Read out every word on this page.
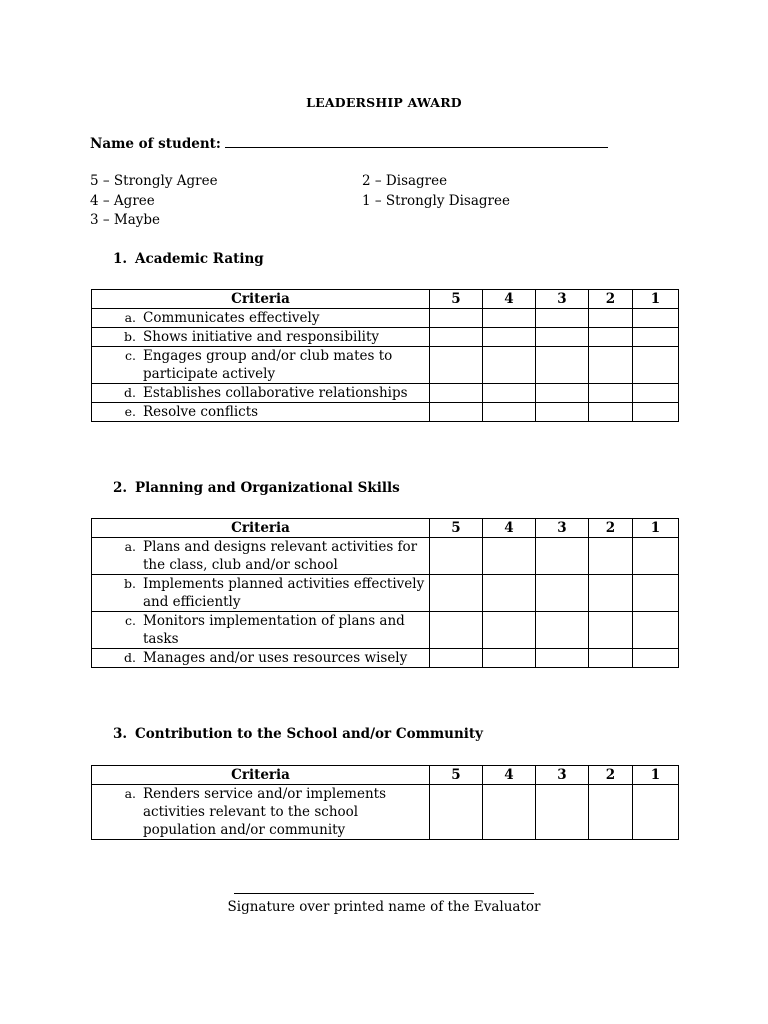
LEADERSHIP AWARD
Name of student:
5 – Strongly Agree
4 – Agree
3 – Maybe
2 – Disagree
1 – Strongly Disagree
1. Academic Rating
Criteria	5	4	3	2	1

a. Communicates effectively					

b. Shows initiative and responsibility					

c. Engages group and/or club mates to participate actively					

d. Establishes collaborative relationships					

e. Resolve conflicts					

2. Planning and Organizational Skills
Criteria	5	4	3	2	1

a. Plans and designs relevant activities for the class, club and/or school					

b. Implements planned activities effectively and efficiently					

c. Monitors implementation of plans and tasks					

d. Manages and/or uses resources wisely					

3. Contribution to the School and/or Community
Criteria	5	4	3	2	1

a. Renders service and/or implements activities relevant to the school population and/or community					

Signature over printed name of the Evaluator
